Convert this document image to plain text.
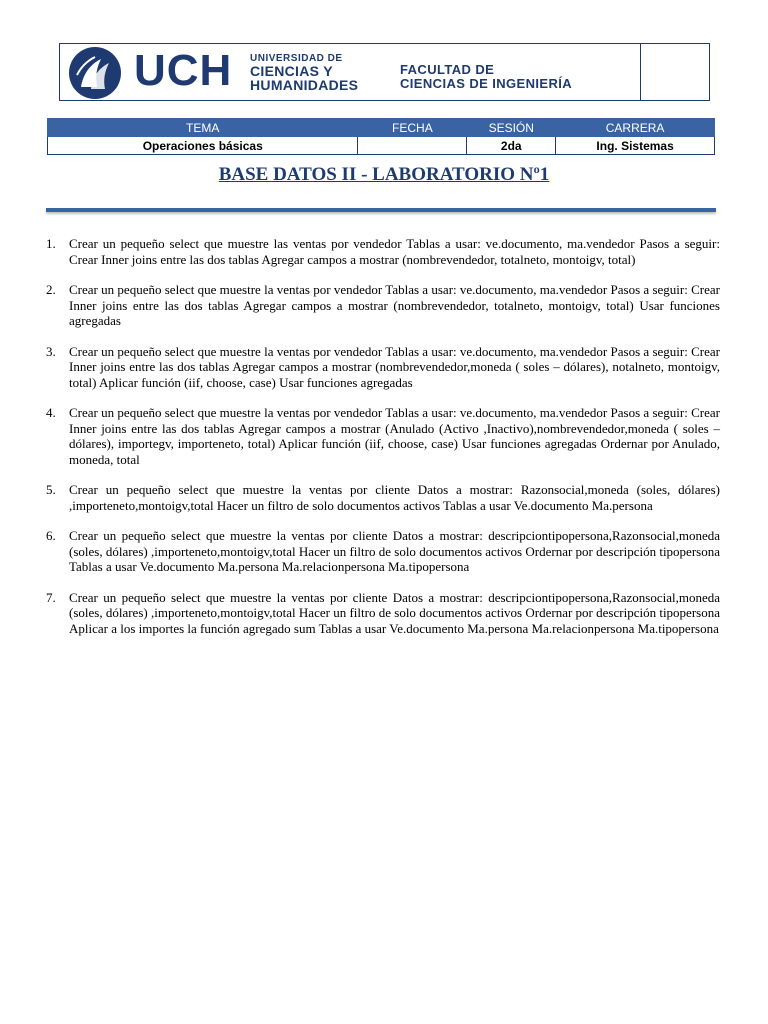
UCH UNIVERSIDAD DE
CIENCIAS Y
HUMANIDADES
FACULTAD DE
CIENCIAS DE INGENIERÍA
TEMA	FECHA	SESIÓN	CARRERA
Operaciones básicas		2da	Ing. Sistemas
BASE DATOS II - LABORATORIO Nº1
1.	Crear un pequeño select que muestre las ventas por vendedor Tablas a usar: ve.documento, ma.vendedor Pasos a seguir: Crear Inner joins entre las dos tablas Agregar campos a mostrar (nombrevendedor, totalneto, montoigv, total)
2.	Crear un pequeño select que muestre la ventas por vendedor Tablas a usar: ve.documento, ma.vendedor Pasos a seguir: Crear Inner joins entre las dos tablas Agregar campos a mostrar (nombrevendedor, totalneto, montoigv, total) Usar funciones agregadas
3.	Crear un pequeño select que muestre la ventas por vendedor Tablas a usar: ve.documento, ma.vendedor Pasos a seguir: Crear Inner joins entre las dos tablas Agregar campos a mostrar (nombrevendedor,moneda ( soles – dólares), notalneto, montoigv, total) Aplicar función (iif, choose, case) Usar funciones agregadas
4.	Crear un pequeño select que muestre la ventas por vendedor Tablas a usar: ve.documento, ma.vendedor Pasos a seguir: Crear Inner joins entre las dos tablas Agregar campos a mostrar (Anulado (Activo ,Inactivo),nombrevendedor,moneda ( soles – dólares), importegv, importeneto, total) Aplicar función (iif, choose, case) Usar funciones agregadas Ordernar por Anulado, moneda, total
5.	Crear un pequeño select que muestre la ventas por cliente Datos a mostrar: Razonsocial,moneda (soles, dólares) ,importeneto,montoigv,total Hacer un filtro de solo documentos activos Tablas a usar Ve.documento Ma.persona
6.	Crear un pequeño select que muestre la ventas por cliente Datos a mostrar: descripciontipopersona,Razonsocial,moneda (soles, dólares) ,importeneto,montoigv,total Hacer un filtro de solo documentos activos Ordernar por descripción tipopersona Tablas a usar Ve.documento Ma.persona Ma.relacionpersona Ma.tipopersona
7.	Crear un pequeño select que muestre la ventas por cliente Datos a mostrar: descripciontipopersona,Razonsocial,moneda (soles, dólares) ,importeneto,montoigv,total Hacer un filtro de solo documentos activos Ordernar por descripción tipopersona Aplicar a los importes la función agregado sum Tablas a usar Ve.documento Ma.persona Ma.relacionpersona Ma.tipopersona
